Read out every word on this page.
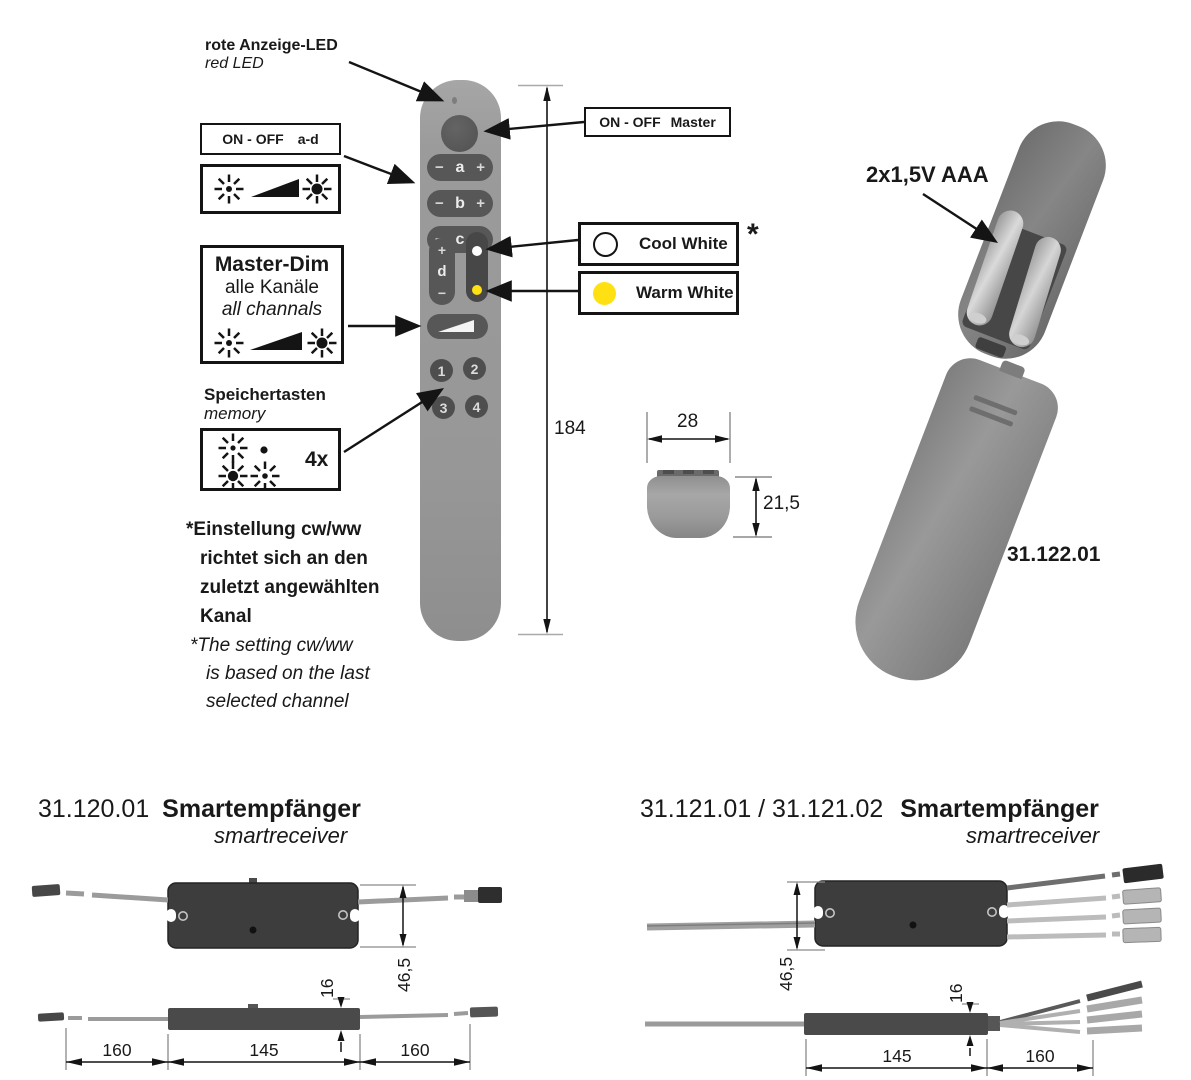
− a +
− b +
c
+
d
−
1 2
3 4
rote Anzeige-LED
red LED
ON - OFF a-d
Master-Dim
alle Kanäle
all channals
Speichertasten
memory
4x
*Einstellung cw/ww
richtet sich an den
zuletzt angewählten
Kanal
*The setting cw/ww
is based on the last
selected channel
ON - OFF Master
Cool White *
Warm White
184	28
21,5
2x1,5V AAA
31.122.01
31.120.01 Smartempfänger
smartreceiver
46,5
16
160	145	160
31.121.01 / 31.121.02 Smartempfänger
smartreceiver
46,5
16
145	160
